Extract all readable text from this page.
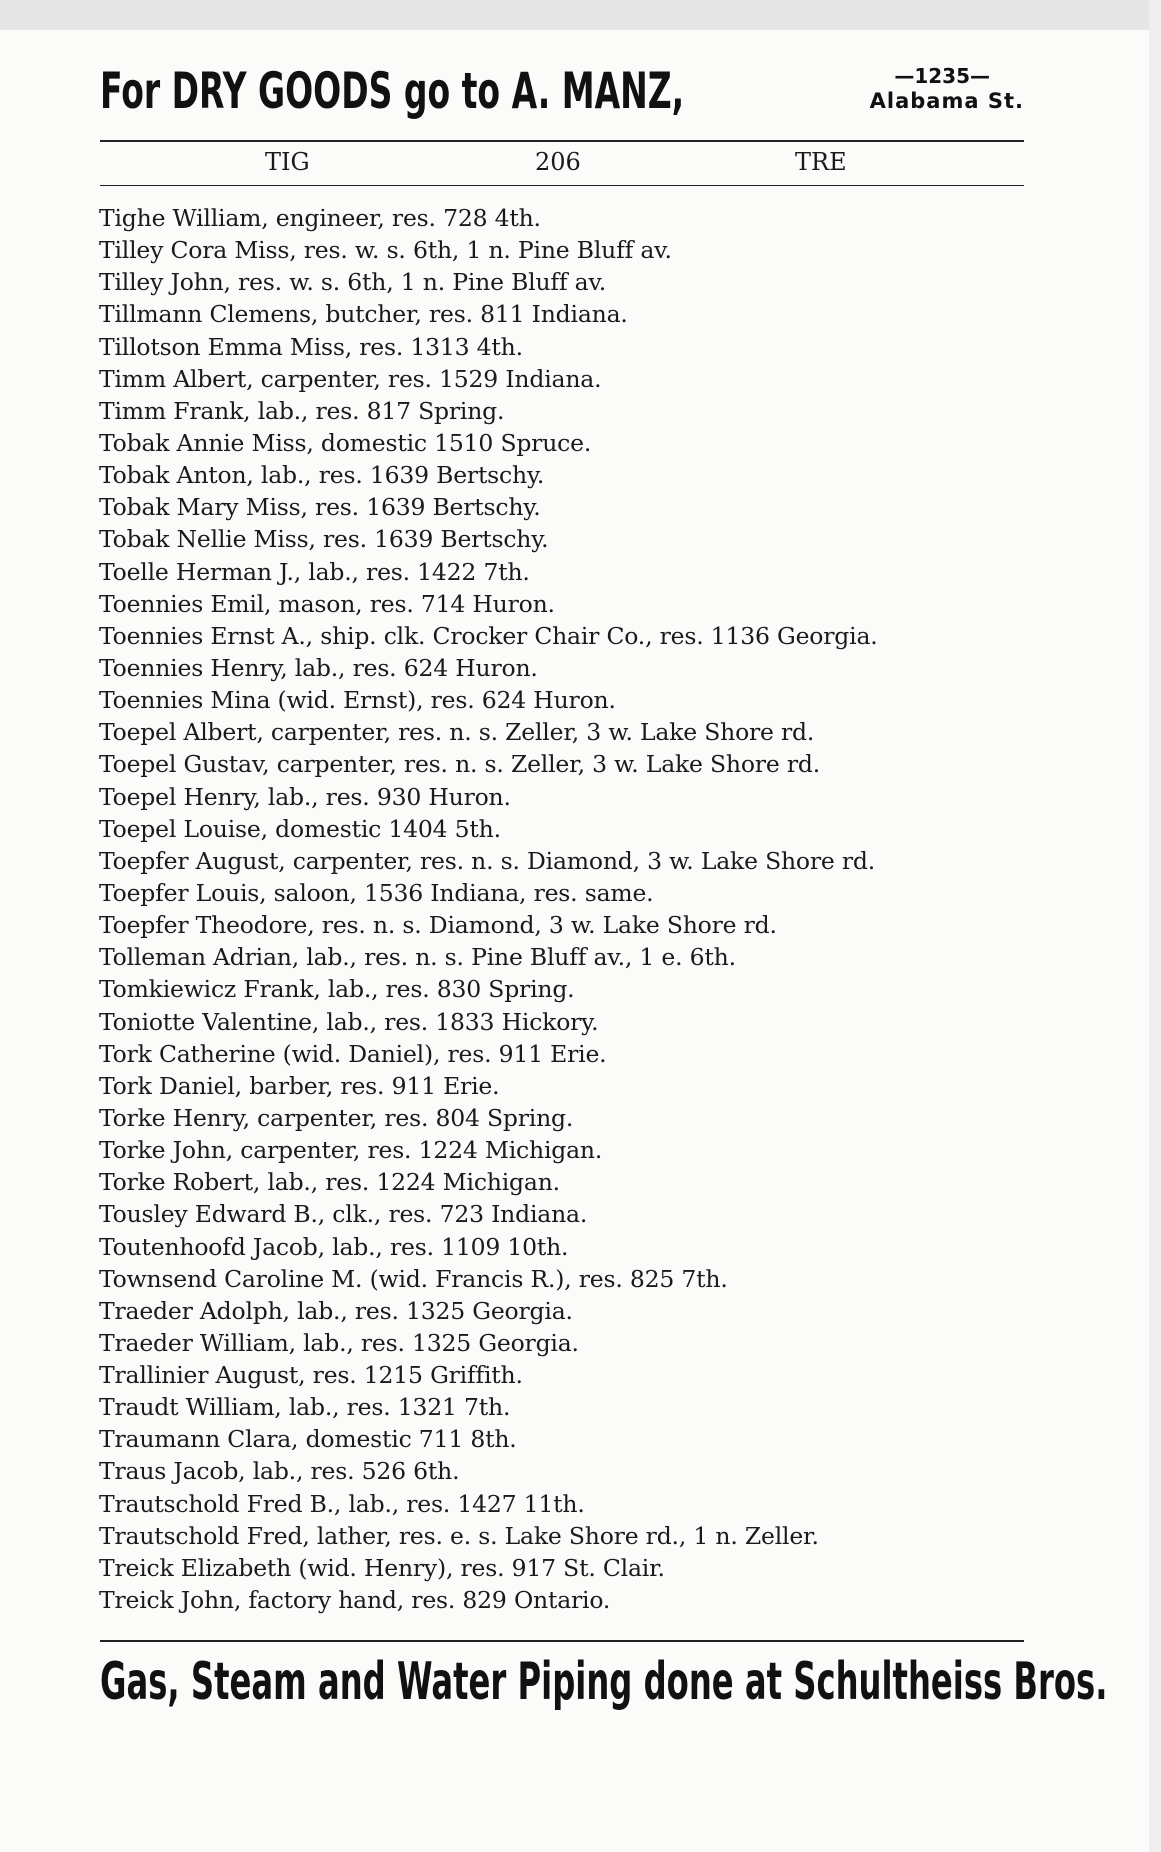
For DRY GOODS go to A. MANZ,	—1235—
Alabama St.
TIG	206	TRE
Tighe William, engineer, res. 728 4th.
Tilley Cora Miss, res. w. s. 6th, 1 n. Pine Bluff av.
Tilley John, res. w. s. 6th, 1 n. Pine Bluff av.
Tillmann Clemens, butcher, res. 811 Indiana.
Tillotson Emma Miss, res. 1313 4th.
Timm Albert, carpenter, res. 1529 Indiana.
Timm Frank, lab., res. 817 Spring.
Tobak Annie Miss, domestic 1510 Spruce.
Tobak Anton, lab., res. 1639 Bertschy.
Tobak Mary Miss, res. 1639 Bertschy.
Tobak Nellie Miss, res. 1639 Bertschy.
Toelle Herman J., lab., res. 1422 7th.
Toennies Emil, mason, res. 714 Huron.
Toennies Ernst A., ship. clk. Crocker Chair Co., res. 1136 Georgia.
Toennies Henry, lab., res. 624 Huron.
Toennies Mina (wid. Ernst), res. 624 Huron.
Toepel Albert, carpenter, res. n. s. Zeller, 3 w. Lake Shore rd.
Toepel Gustav, carpenter, res. n. s. Zeller, 3 w. Lake Shore rd.
Toepel Henry, lab., res. 930 Huron.
Toepel Louise, domestic 1404 5th.
Toepfer August, carpenter, res. n. s. Diamond, 3 w. Lake Shore rd.
Toepfer Louis, saloon, 1536 Indiana, res. same.
Toepfer Theodore, res. n. s. Diamond, 3 w. Lake Shore rd.
Tolleman Adrian, lab., res. n. s. Pine Bluff av., 1 e. 6th.
Tomkiewicz Frank, lab., res. 830 Spring.
Toniotte Valentine, lab., res. 1833 Hickory.
Tork Catherine (wid. Daniel), res. 911 Erie.
Tork Daniel, barber, res. 911 Erie.
Torke Henry, carpenter, res. 804 Spring.
Torke John, carpenter, res. 1224 Michigan.
Torke Robert, lab., res. 1224 Michigan.
Tousley Edward B., clk., res. 723 Indiana.
Toutenhoofd Jacob, lab., res. 1109 10th.
Townsend Caroline M. (wid. Francis R.), res. 825 7th.
Traeder Adolph, lab., res. 1325 Georgia.
Traeder William, lab., res. 1325 Georgia.
Trallinier August, res. 1215 Griffith.
Traudt William, lab., res. 1321 7th.
Traumann Clara, domestic 711 8th.
Traus Jacob, lab., res. 526 6th.
Trautschold Fred B., lab., res. 1427 11th.
Trautschold Fred, lather, res. e. s. Lake Shore rd., 1 n. Zeller.
Treick Elizabeth (wid. Henry), res. 917 St. Clair.
Treick John, factory hand, res. 829 Ontario.
Gas, Steam and Water Piping done at Schultheiss Bros.
